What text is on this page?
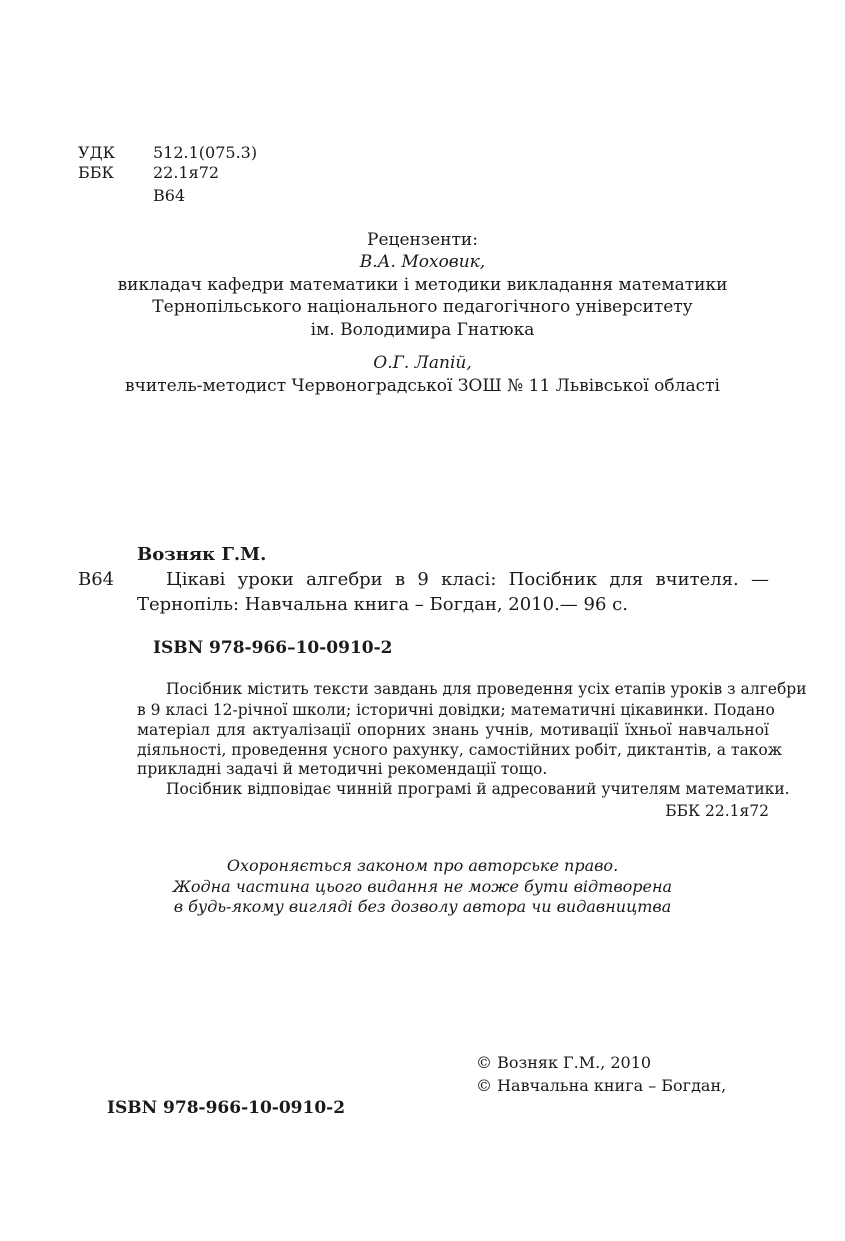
УДК 512.1(075.3)
ББК 22.1я72
В64
Рецензенти:
В.А. Моховик,
викладач кафедри математики і методики викладання математики
Тернопільського національного педагогічного університету
ім. Володимира Гнатюка
О.Г. Лапій,
вчитель-методист Червоноградської ЗОШ № 11 Львівської області
Возняк Г.М.
В64	Цікаві уроки алгебри в 9 класі: Посібник для вчителя. —
Тернопіль: Навчальна книга – Богдан, 2010.— 96 с.
ISBN 978-966–10-0910-2
Посібник містить тексти завдань для проведення усіх етапів уроків з алгебри
в 9 класі 12-річної школи; історичні довідки; математичні цікавинки. Подано
матеріал для актуалізації опорних знань учнів, мотивації їхньої навчальної
діяльності, проведення усного рахунку, самостійних робіт, диктантів, а також
прикладні задачі й методичні рекомендації тощо.
Посібник відповідає чинній програмі й адресований учителям математики.
ББК 22.1я72
Охороняється законом про авторське право.
Жодна частина цього видання не може бути відтворена
в будь-якому вигляді без дозволу автора чи видавництва
© Возняк Г.М., 2010
© Навчальна книга – Богдан,
ISBN 978-966-10-0910-2
